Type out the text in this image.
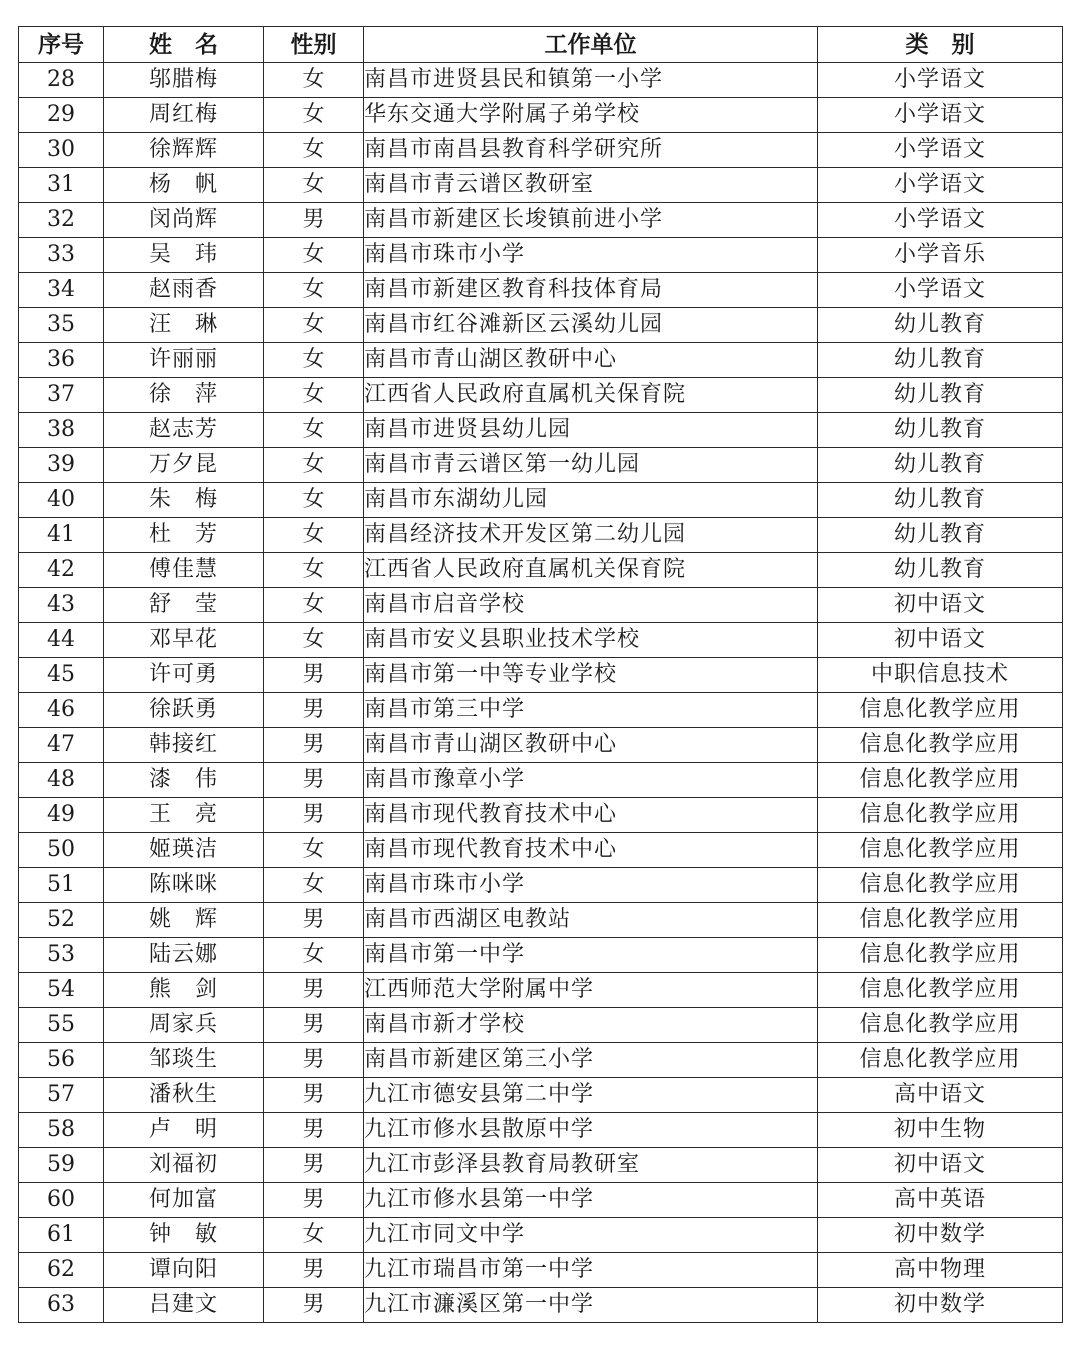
序号	姓　名	性别	工作单位	类　别
28	邬腊梅	女	南昌市进贤县民和镇第一小学	小学语文
29	周红梅	女	华东交通大学附属子弟学校	小学语文
30	徐辉辉	女	南昌市南昌县教育科学研究所	小学语文
31	杨　帆	女	南昌市青云谱区教研室	小学语文
32	闵尚辉	男	南昌市新建区长埈镇前进小学	小学语文
33	吴　玮	女	南昌市珠市小学	小学音乐
34	赵雨香	女	南昌市新建区教育科技体育局	小学语文
35	汪　琳	女	南昌市红谷滩新区云溪幼儿园	幼儿教育
36	许丽丽	女	南昌市青山湖区教研中心	幼儿教育
37	徐　萍	女	江西省人民政府直属机关保育院	幼儿教育
38	赵志芳	女	南昌市进贤县幼儿园	幼儿教育
39	万夕昆	女	南昌市青云谱区第一幼儿园	幼儿教育
40	朱　梅	女	南昌市东湖幼儿园	幼儿教育
41	杜　芳	女	南昌经济技术开发区第二幼儿园	幼儿教育
42	傅佳慧	女	江西省人民政府直属机关保育院	幼儿教育
43	舒　莹	女	南昌市启音学校	初中语文
44	邓早花	女	南昌市安义县职业技术学校	初中语文
45	许可勇	男	南昌市第一中等专业学校	中职信息技术
46	徐跃勇	男	南昌市第三中学	信息化教学应用
47	韩接红	男	南昌市青山湖区教研中心	信息化教学应用
48	漆　伟	男	南昌市豫章小学	信息化教学应用
49	王　亮	男	南昌市现代教育技术中心	信息化教学应用
50	姬瑛洁	女	南昌市现代教育技术中心	信息化教学应用
51	陈咪咪	女	南昌市珠市小学	信息化教学应用
52	姚　辉	男	南昌市西湖区电教站	信息化教学应用
53	陆云娜	女	南昌市第一中学	信息化教学应用
54	熊　剑	男	江西师范大学附属中学	信息化教学应用
55	周家兵	男	南昌市新才学校	信息化教学应用
56	邹琰生	男	南昌市新建区第三小学	信息化教学应用
57	潘秋生	男	九江市德安县第二中学	高中语文
58	卢　明	男	九江市修水县散原中学	初中生物
59	刘福初	男	九江市彭泽县教育局教研室	初中语文
60	何加富	男	九江市修水县第一中学	高中英语
61	钟　敏	女	九江市同文中学	初中数学
62	谭向阳	男	九江市瑞昌市第一中学	高中物理
63	吕建文	男	九江市濂溪区第一中学	初中数学
